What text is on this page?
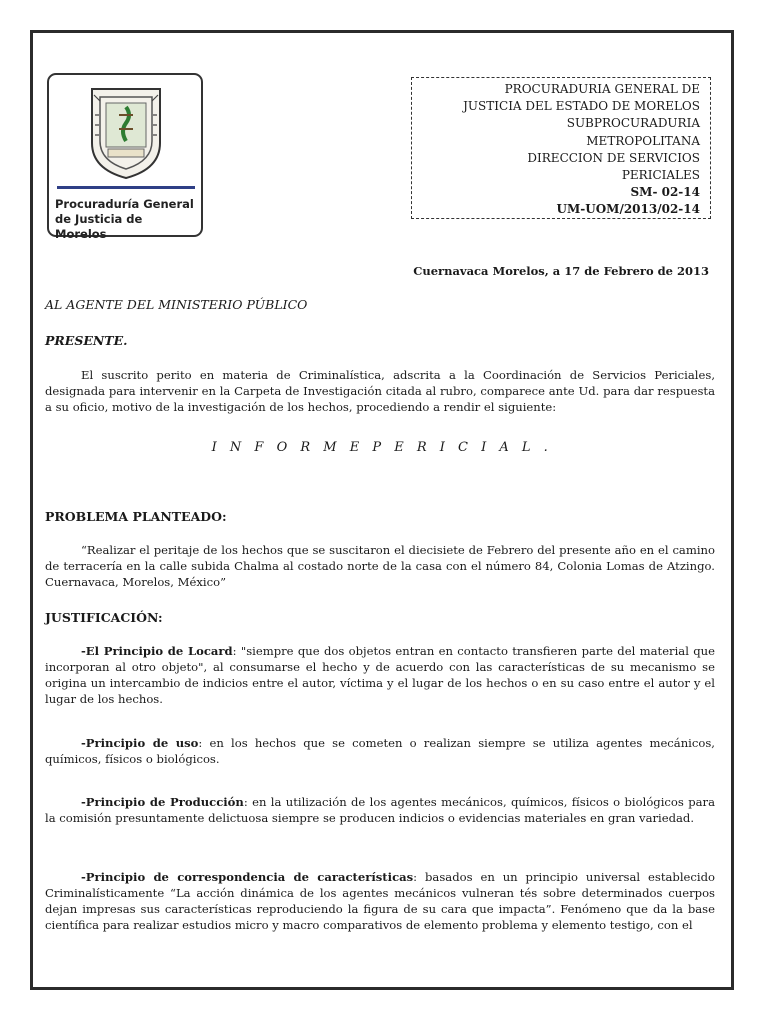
Procuraduría General
de Justicia de Morelos
PROCURADURIA GENERAL DE
JUSTICIA DEL ESTADO DE MORELOS
SUBPROCURADURIA
METROPOLITANA
DIRECCION DE SERVICIOS
PERICIALES
SM- 02-14
UM-UOM/2013/02-14
Cuernavaca Morelos, a 17 de Febrero de 2013
AL AGENTE DEL MINISTERIO PÚBLICO
PRESENTE.

El suscrito perito en materia de Criminalística, adscrita a la Coordinación de Servicios Periciales, designada para intervenir en la Carpeta de Investigación citada al rubro, comparece ante Ud. para dar respuesta a su oficio, motivo de la investigación de los hechos, procediendo a rendir el siguiente:

I N F O R M E P E R I C I A L .
PROBLEMA PLANTEADO:

“Realizar el peritaje de los hechos que se suscitaron el diecisiete de Febrero del presente año en el camino de terracería en la calle subida Chalma al costado norte de la casa con el número 84, Colonia Lomas de Atzingo. Cuernavaca, Morelos, México”

JUSTIFICACIÓN:

-El Principio de Locard: "siempre que dos objetos entran en contacto transfieren parte del material que incorporan al otro objeto", al consumarse el hecho y de acuerdo con las características de su mecanismo se origina un intercambio de indicios entre el autor, víctima y el lugar de los hechos o en su caso entre el autor y el lugar de los hechos.

-Principio de uso: en los hechos que se cometen o realizan siempre se utiliza agentes mecánicos, químicos, físicos o biológicos.

-Principio de Producción: en la utilización de los agentes mecánicos, químicos, físicos o biológicos para la comisión presuntamente delictuosa siempre se producen indicios o evidencias materiales en gran variedad.

-Principio de correspondencia de características: basados en un principio universal establecido Criminalísticamente “La acción dinámica de los agentes mecánicos vulneran tés sobre determinados cuerpos dejan impresas sus características reproduciendo la figura de su cara que impacta”. Fenómeno que da la base científica para realizar estudios micro y macro comparativos de elemento problema y elemento testigo, con el
